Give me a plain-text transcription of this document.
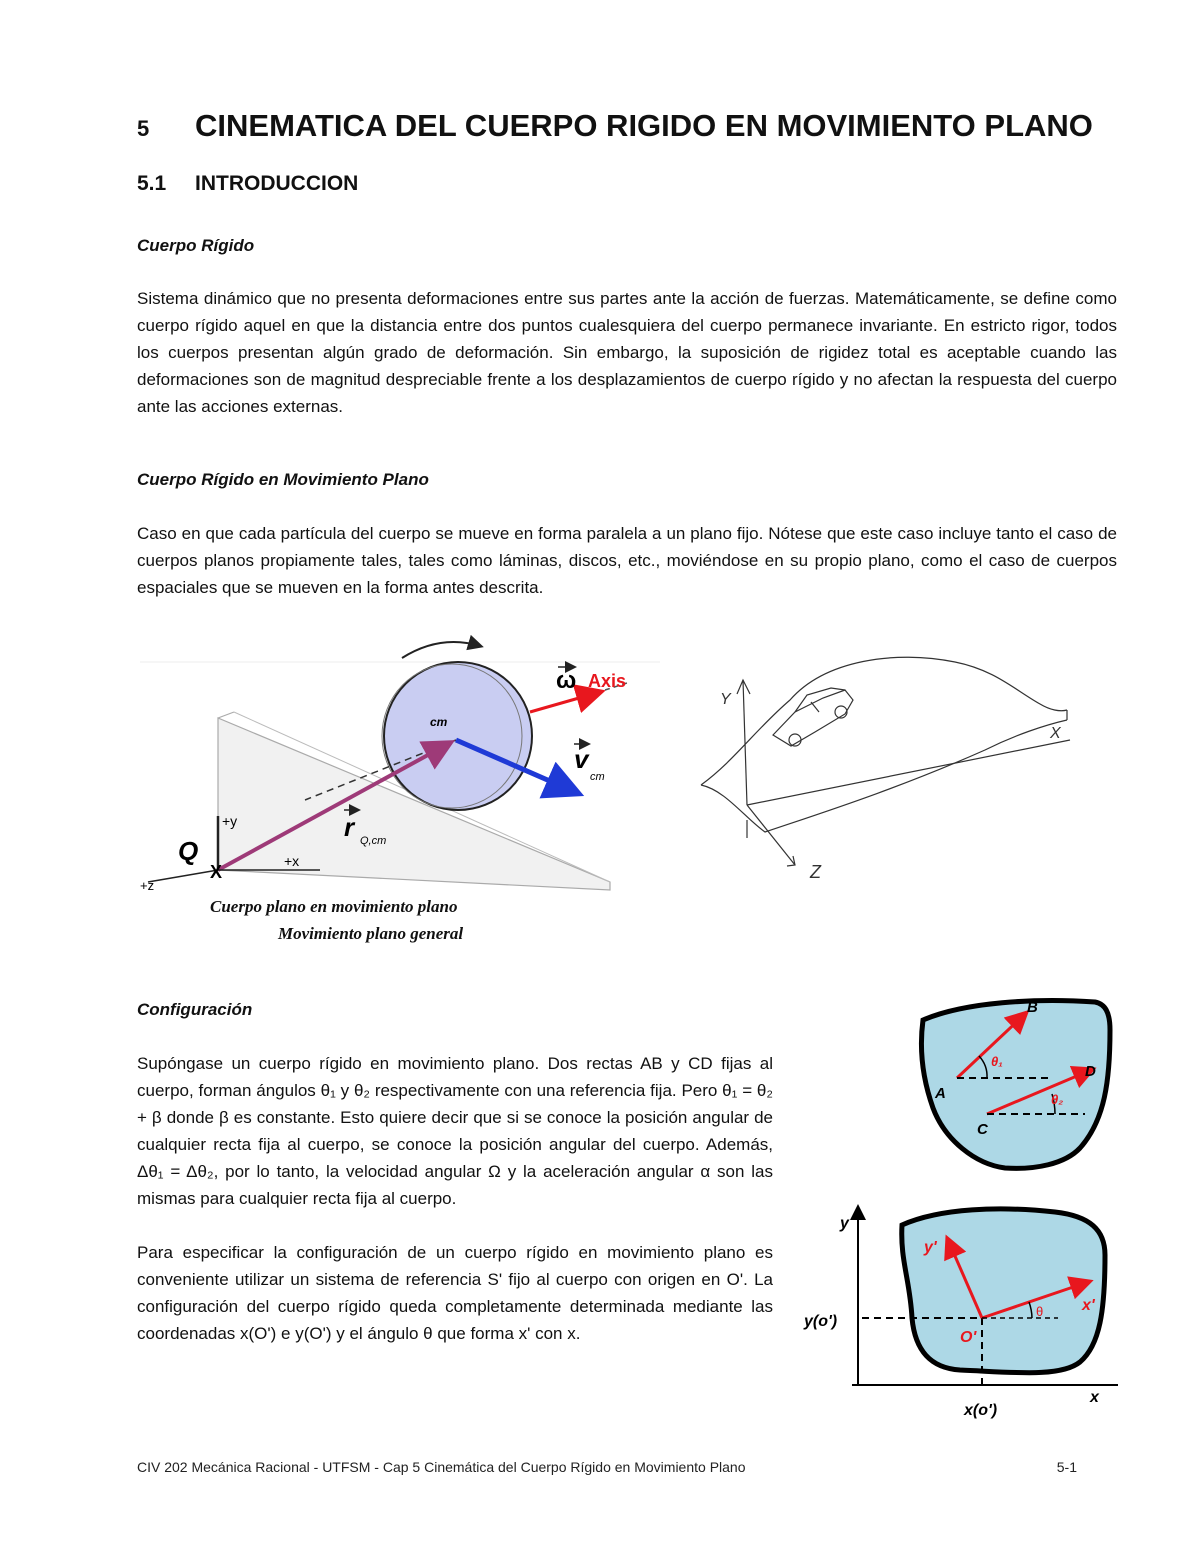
5 CINEMATICA DEL CUERPO RIGIDO EN MOVIMIENTO PLANO
5.1 INTRODUCCION
Cuerpo Rígido
Sistema dinámico que no presenta deformaciones entre sus partes ante la acción de fuerzas. Matemáticamente, se define como cuerpo rígido aquel en que la distancia entre dos puntos cualesquiera del cuerpo permanece invariante. En estricto rigor, todos los cuerpos presentan algún grado de deformación. Sin embargo, la suposición de rigidez total es aceptable cuando las deformaciones son de magnitud despreciable frente a los desplazamientos de cuerpo rígido y no afectan la respuesta del cuerpo ante las acciones externas.
Cuerpo Rígido en Movimiento Plano
Caso en que cada partícula del cuerpo se mueve en forma paralela a un plano fijo. Nótese que este caso incluye tanto el caso de cuerpos planos propiamente tales, tales como láminas, discos, etc., moviéndose en su propio plano, como el caso de cuerpos espaciales que se mueven en la forma antes descrita.
X
Q
+y
+x
+z
cm
ω Axis
v
cm
r Q,cm
Cuerpo plano en movimiento plano
Movimiento plano general
Y
X
Z
Configuración

Supóngase un cuerpo rígido en movimiento plano. Dos rectas AB y CD fijas al cuerpo, forman ángulos θ₁ y θ₂ respectivamente con una referencia fija. Pero θ₁ = θ₂ + β donde β es constante. Esto quiere decir que si se conoce la posición angular de cualquier recta fija al cuerpo, se conoce la posición angular del cuerpo. Además, Δθ₁ = Δθ₂, por lo tanto, la velocidad angular Ω y la aceleración angular α son las mismas para cualquier recta fija al cuerpo.

Para especificar la configuración de un cuerpo rígido en movimiento plano es conveniente utilizar un sistema de referencia S' fijo al cuerpo con origen en O'. La configuración del cuerpo rígido queda completamente determinada mediante las coordenadas x(O') e y(O') y el ángulo θ que forma x' con x.

A
B
C
D
θ₁
θ₂
y
x
y'
x'
O'
θ
y(o')
x(o')
CIV 202 Mecánica Racional - UTFSM - Cap 5 Cinemática del Cuerpo Rígido en Movimiento Plano	5-1
